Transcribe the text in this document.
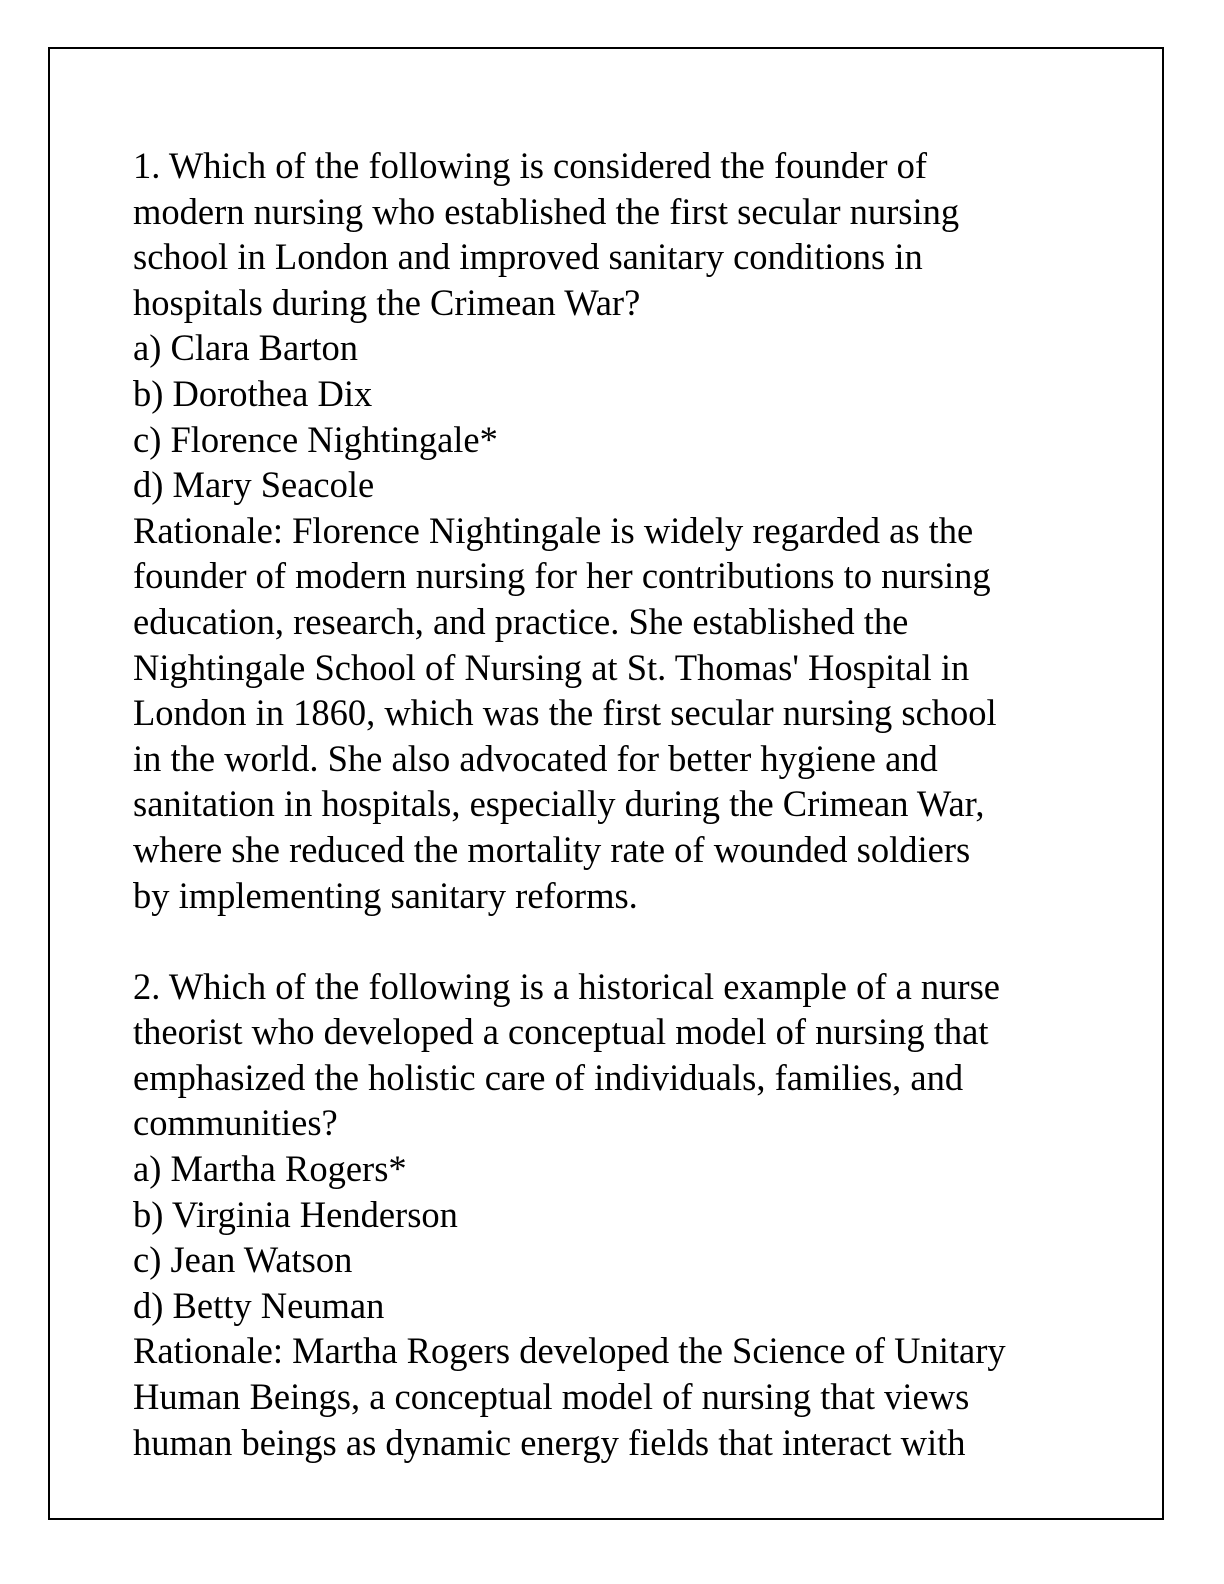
1. Which of the following is considered the founder of
modern nursing who established the first secular nursing
school in London and improved sanitary conditions in
hospitals during the Crimean War?
a) Clara Barton
b) Dorothea Dix
c) Florence Nightingale*
d) Mary Seacole
Rationale: Florence Nightingale is widely regarded as the
founder of modern nursing for her contributions to nursing
education, research, and practice. She established the
Nightingale School of Nursing at St. Thomas' Hospital in
London in 1860, which was the first secular nursing school
in the world. She also advocated for better hygiene and
sanitation in hospitals, especially during the Crimean War,
where she reduced the mortality rate of wounded soldiers
by implementing sanitary reforms.
2. Which of the following is a historical example of a nurse
theorist who developed a conceptual model of nursing that
emphasized the holistic care of individuals, families, and
communities?
a) Martha Rogers*
b) Virginia Henderson
c) Jean Watson
d) Betty Neuman
Rationale: Martha Rogers developed the Science of Unitary
Human Beings, a conceptual model of nursing that views
human beings as dynamic energy fields that interact with
